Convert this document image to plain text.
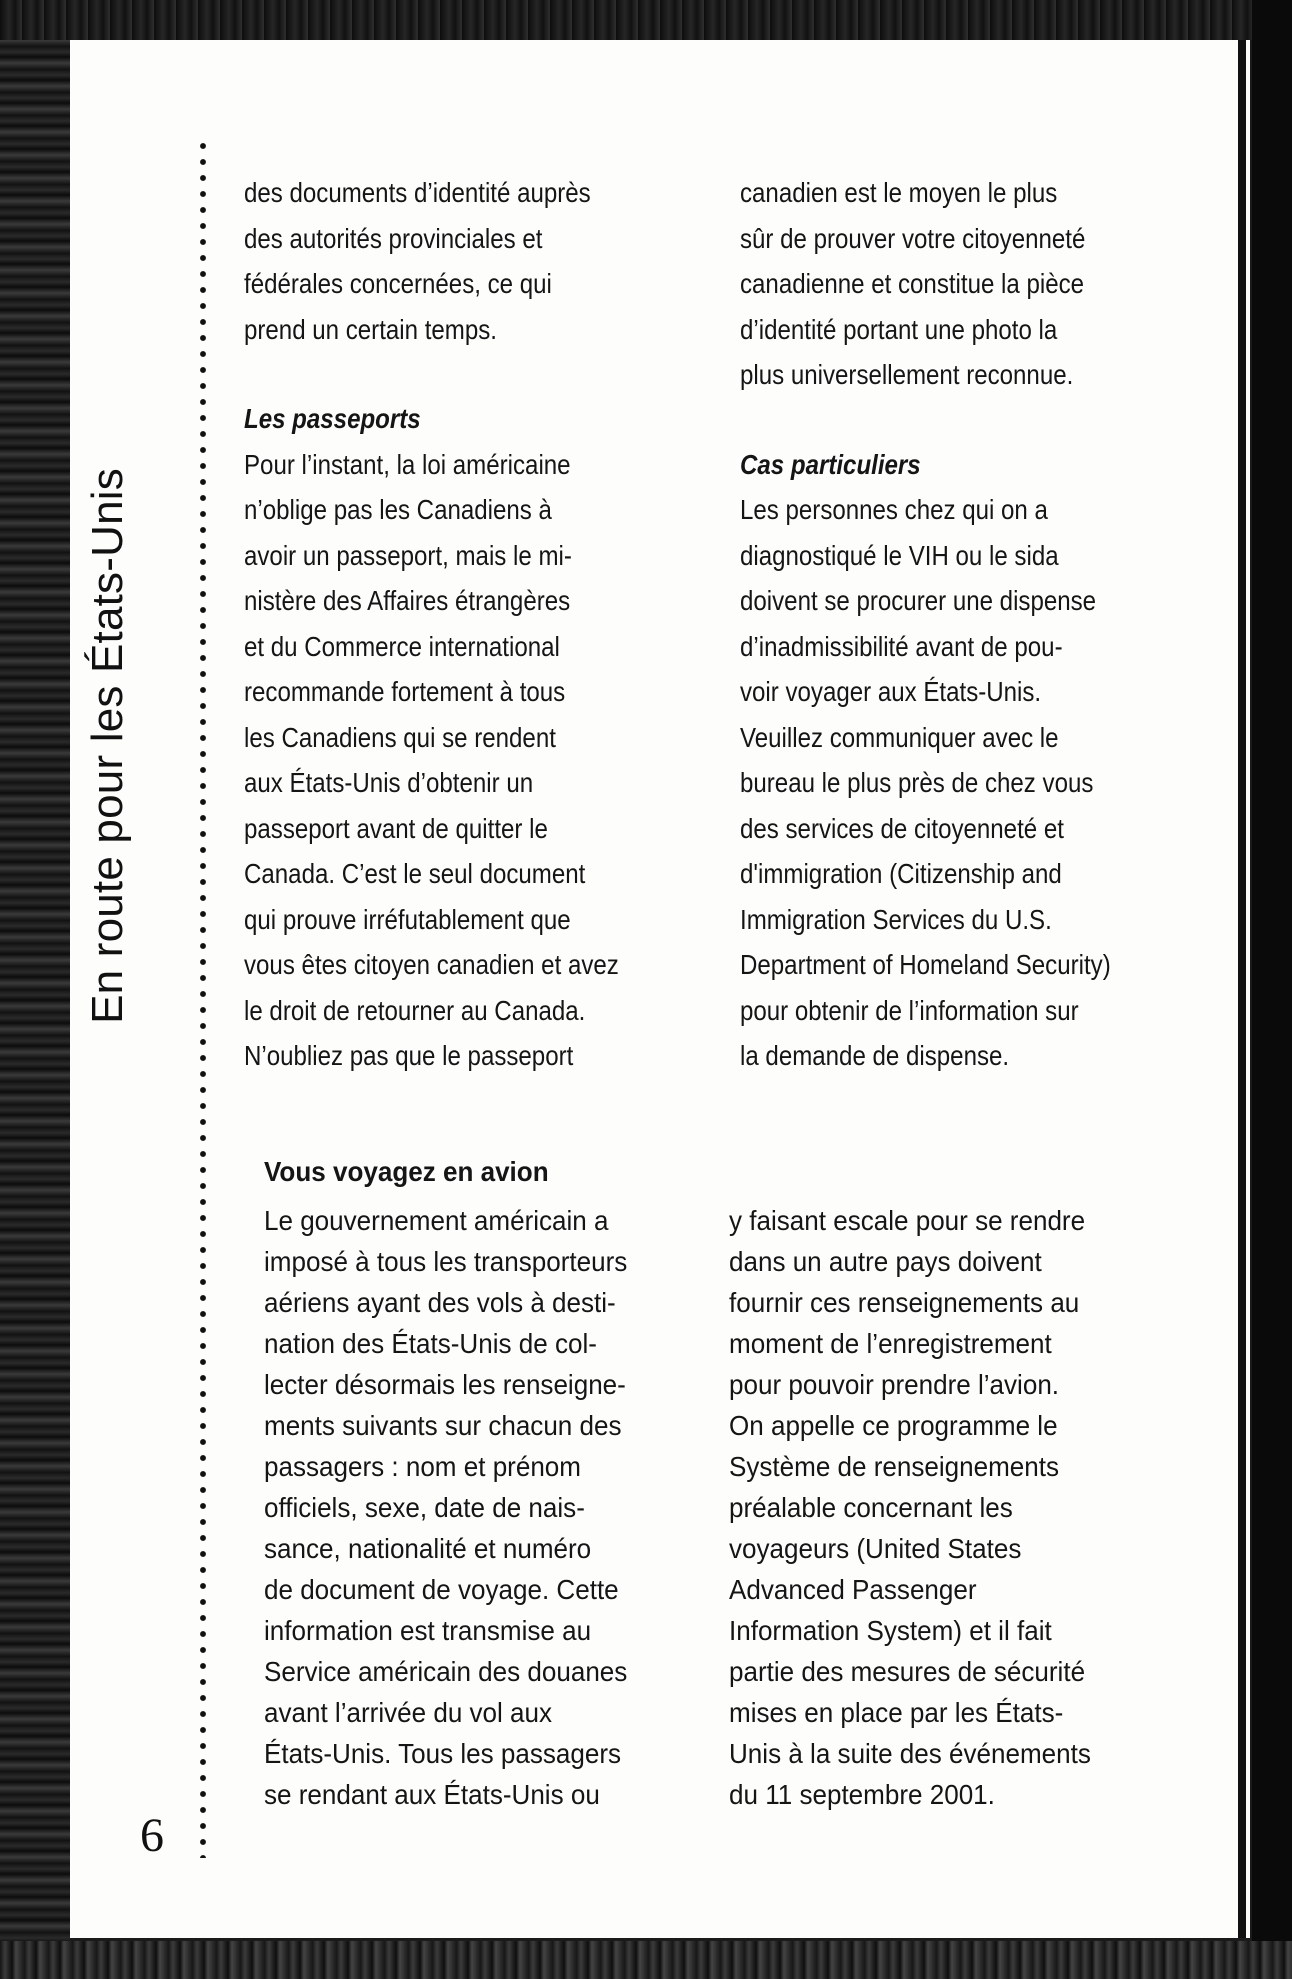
En route pour les États-Unis
6
des documents d’identité auprès
des autorités provinciales et
fédérales concernées, ce qui
prend un certain temps.
Les passeports
Pour l’instant, la loi américaine
n’oblige pas les Canadiens à
avoir un passeport, mais le mi-
nistère des Affaires étrangères
et du Commerce international
recommande fortement à tous
les Canadiens qui se rendent
aux États-Unis d’obtenir un
passeport avant de quitter le
Canada. C’est le seul document
qui prouve irréfutablement que
vous êtes citoyen canadien et avez
le droit de retourner au Canada.
N’oubliez pas que le passeport
canadien est le moyen le plus
sûr de prouver votre citoyenneté
canadienne et constitue la pièce
d’identité portant une photo la
plus universellement reconnue.
Cas particuliers
Les personnes chez qui on a
diagnostiqué le VIH ou le sida
doivent se procurer une dispense
d’inadmissibilité avant de pou-
voir voyager aux États-Unis.
Veuillez communiquer avec le
bureau le plus près de chez vous
des services de citoyenneté et
d'immigration (Citizenship and
Immigration Services du U.S.
Department of Homeland Security)
pour obtenir de l’information sur
la demande de dispense.
Vous voyagez en avion
Le gouvernement américain a
imposé à tous les transporteurs
aériens ayant des vols à desti-
nation des États-Unis de col-
lecter désormais les renseigne-
ments suivants sur chacun des
passagers : nom et prénom
officiels, sexe, date de nais-
sance, nationalité et numéro
de document de voyage. Cette
information est transmise au
Service américain des douanes
avant l’arrivée du vol aux
États-Unis. Tous les passagers
se rendant aux États-Unis ou
y faisant escale pour se rendre
dans un autre pays doivent
fournir ces renseignements au
moment de l’enregistrement
pour pouvoir prendre l’avion.
On appelle ce programme le
Système de renseignements
préalable concernant les
voyageurs (United States
Advanced Passenger
Information System) et il fait
partie des mesures de sécurité
mises en place par les États-
Unis à la suite des événements
du 11 septembre 2001.
